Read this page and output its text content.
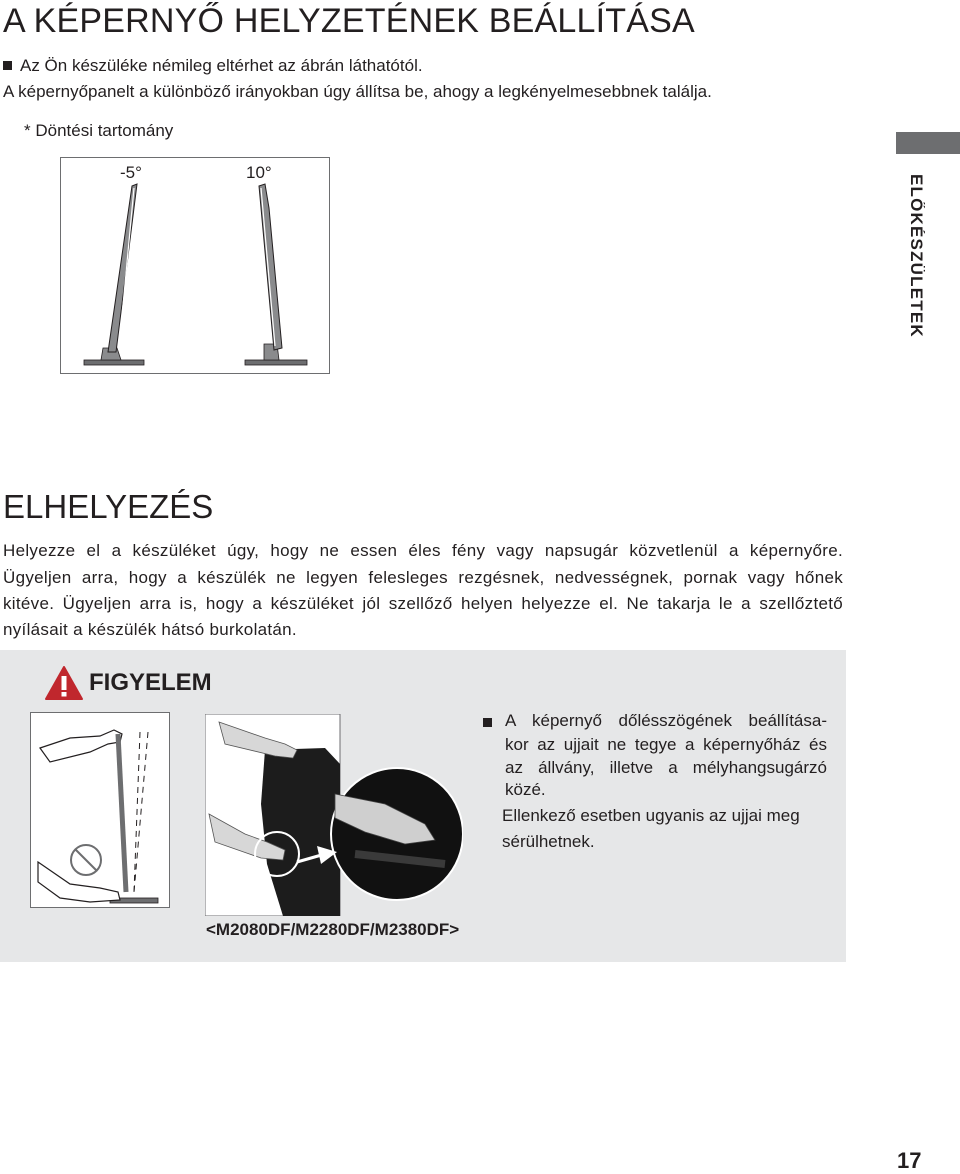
A KÉPERNYŐ HELYZETÉNEK BEÁLLÍTÁSA
Az Ön készüléke némileg eltérhet az ábrán láthatótól.
A képernyőpanelt a különböző irányokban úgy állítsa be, ahogy a legkényelmesebbnek találja.
* Döntési tartomány
-5°	10°
ELŐKÉSZÜLETEK
ELHELYEZÉS
Helyezze el a készüléket úgy, hogy ne essen éles fény vagy napsugár közvetlenül a képernyőre.
Ügyeljen arra, hogy a készülék ne legyen felesleges rezgésnek, nedvességnek, pornak vagy hőnek
kitéve. Ügyeljen arra is, hogy a készüléket jól szellőző helyen helyezze el. Ne takarja le a szellőztető
nyílásait a készülék hátsó burkolatán.
FIGYELEM
<M2080DF/M2280DF/M2380DF>
A képernyő dőlésszögének beállítása-
kor az ujjait ne tegye a képernyőház és
az állvány, illetve a mélyhangsugárzó
közé.
Ellenkező esetben ugyanis az ujjai meg
sérülhetnek.
17
